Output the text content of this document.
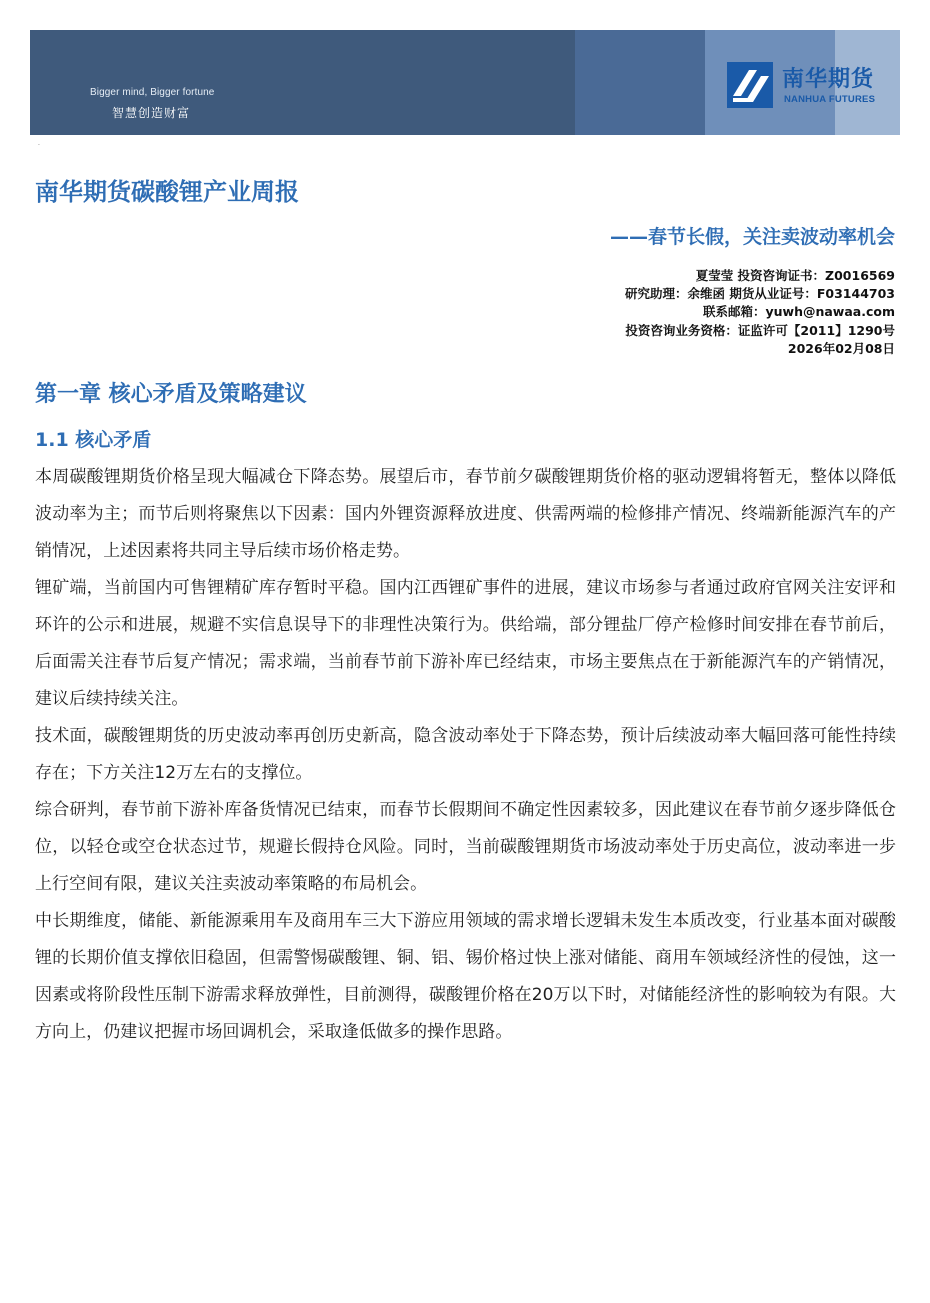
Bigger mind, Bigger fortune
智慧创造财富
南华期货
NANHUA FUTURES
.
南华期货碳酸锂产业周报
——春节长假，关注卖波动率机会
夏莹莹 投资咨询证书：Z0016569
研究助理：余维函 期货从业证号：F03144703
联系邮箱：yuwh@nawaa.com
投资咨询业务资格：证监许可【2011】1290号
2026年02月08日
第一章 核心矛盾及策略建议
1.1 核心矛盾

本周碳酸锂期货价格呈现大幅减仓下降态势。展望后市，春节前夕碳酸锂期货价格的驱动逻辑将暂无，整体以降低波动率为主；而节后则将聚焦以下因素：国内外锂资源释放进度、供需两端的检修排产情况、终端新能源汽车的产销情况，上述因素将共同主导后续市场价格走势。

锂矿端，当前国内可售锂精矿库存暂时平稳。国内江西锂矿事件的进展，建议市场参与者通过政府官网关注安评和环许的公示和进展，规避不实信息误导下的非理性决策行为。供给端，部分锂盐厂停产检修时间安排在春节前后，后面需关注春节后复产情况；需求端，当前春节前下游补库已经结束，市场主要焦点在于新能源汽车的产销情况，建议后续持续关注。

技术面，碳酸锂期货的历史波动率再创历史新高，隐含波动率处于下降态势，预计后续波动率大幅回落可能性持续存在；下方关注12万左右的支撑位。

综合研判，春节前下游补库备货情况已结束，而春节长假期间不确定性因素较多，因此建议在春节前夕逐步降低仓位，以轻仓或空仓状态过节，规避长假持仓风险。同时，当前碳酸锂期货市场波动率处于历史高位，波动率进一步上行空间有限，建议关注卖波动率策略的布局机会。

中长期维度，储能、新能源乘用车及商用车三大下游应用领域的需求增长逻辑未发生本质改变，行业基本面对碳酸锂的长期价值支撑依旧稳固，但需警惕碳酸锂、铜、铝、锡价格过快上涨对储能、商用车领域经济性的侵蚀，这一因素或将阶段性压制下游需求释放弹性，目前测得，碳酸锂价格在20万以下时，对储能经济性的影响较为有限。大方向上，仍建议把握市场回调机会，采取逢低做多的操作思路。
